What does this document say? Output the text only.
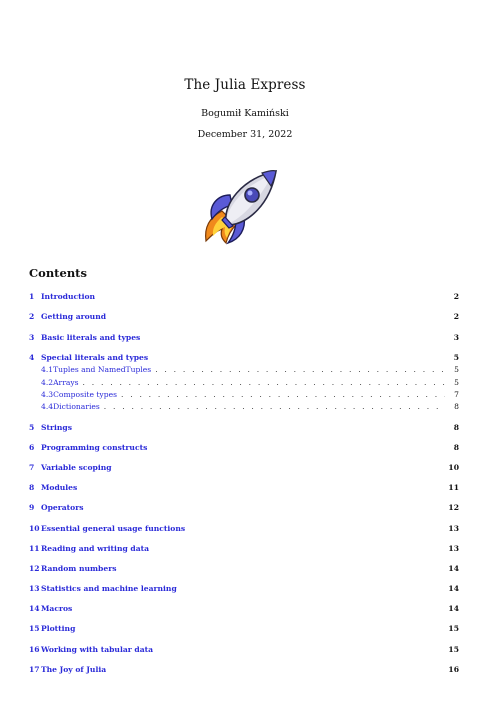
The Julia Express
Bogumił Kamiński
December 31, 2022
Contents
1 Introduction	2
2 Getting around	2
3 Basic literals and types	3
4 Special literals and types	5
4.1 Tuples and NamedTuples . . .	5
4.2 Arrays . . .	5
4.3 Composite types . . .	7
4.4 Dictionaries . . .	8
5 Strings	8
6 Programming constructs	8
7 Variable scoping	10
8 Modules	11
9 Operators	12
10 Essential general usage functions	13
11 Reading and writing data	13
12 Random numbers	14
13 Statistics and machine learning	14
14 Macros	14
15 Plotting	15
16 Working with tabular data	15
17 The Joy of Julia	16
